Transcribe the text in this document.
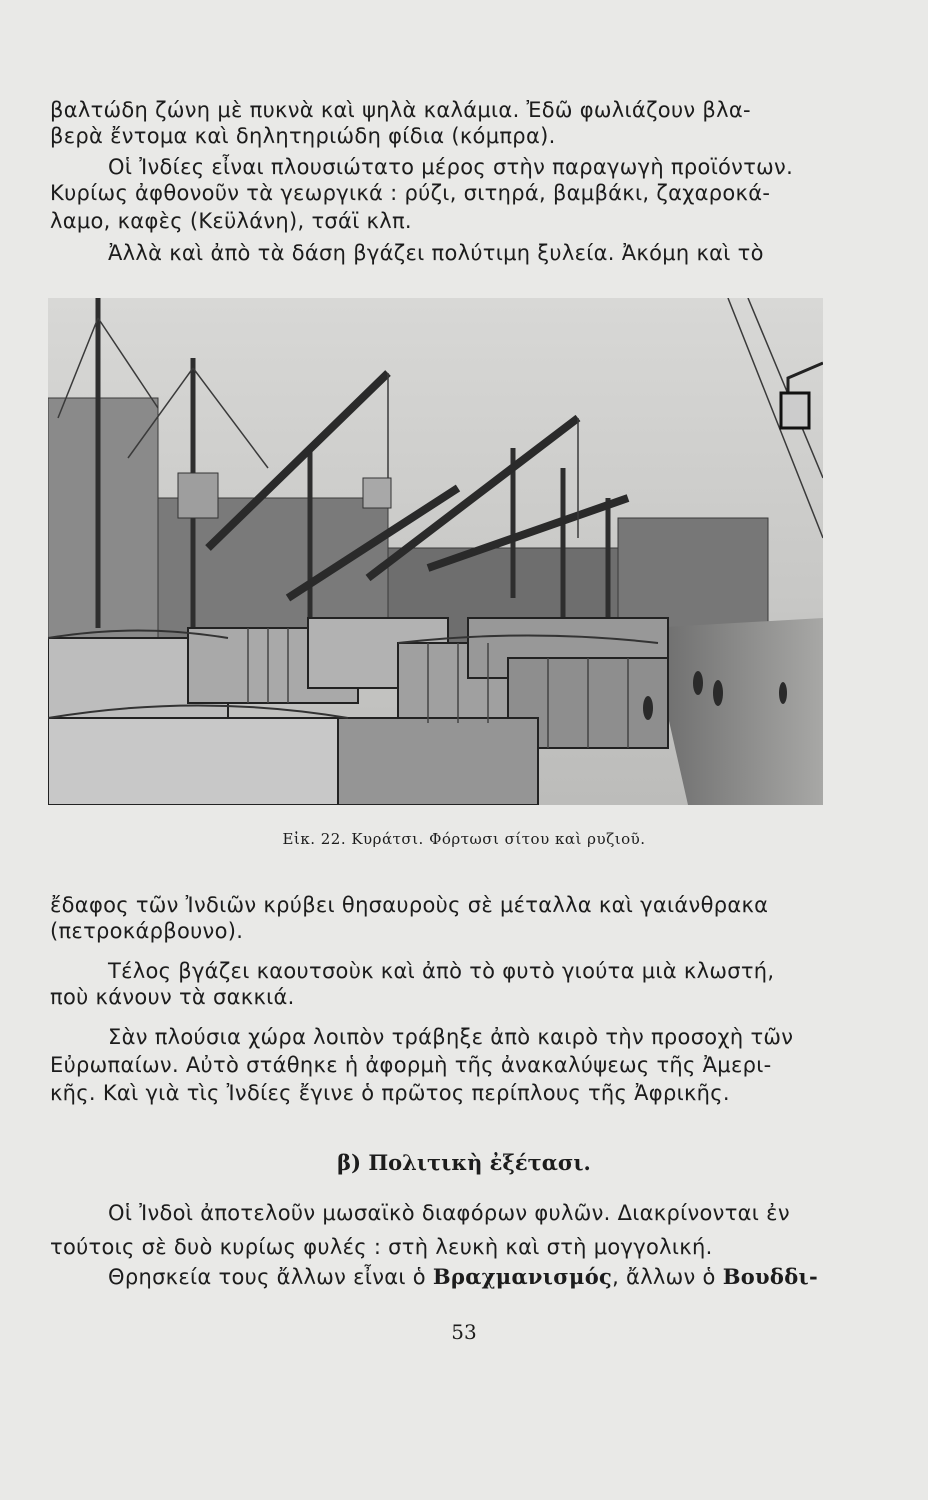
βαλτώδη ζώνη μὲ πυκνὰ καὶ ψηλὰ καλάμια. Ἐδῶ φωλιάζουν βλα-
βερὰ ἔντομα καὶ δηλητηριώδη φίδια (κόμπρα).
Οἱ Ἰνδίες εἶναι πλουσιώτατο μέρος στὴν παραγωγὴ προϊόντων.
Κυρίως ἀφθονοῦν τὰ γεωργικά : ρύζι, σιτηρά, βαμβάκι, ζαχαροκά-
λαμο, καφὲς (Κεϋλάνη), τσάϊ κλπ.
Ἀλλὰ καὶ ἀπὸ τὰ δάση βγάζει πολύτιμη ξυλεία. Ἀκόμη καὶ τὸ
Εἰκ. 22. Κυράτσι. Φόρτωσι σίτου καὶ ρυζιοῦ.
ἔδαφος τῶν Ἰνδιῶν κρύβει θησαυροὺς σὲ μέταλλα καὶ γαιάνθρακα
(πετροκάρβουνο).
Τέλος βγάζει καουτσοὺκ καὶ ἀπὸ τὸ φυτὸ γιούτα μιὰ κλωστή,
ποὺ κάνουν τὰ σακκιά.
Σὰν πλούσια χώρα λοιπὸν τράβηξε ἀπὸ καιρὸ τὴν προσοχὴ τῶν
Εὐρωπαίων. Αὐτὸ στάθηκε ἡ ἀφορμὴ τῆς ἀνακαλύψεως τῆς Ἀμερι-
κῆς. Καὶ γιὰ τὶς Ἰνδίες ἔγινε ὁ πρῶτος περίπλους τῆς Ἀφρικῆς.
β) Πολιτικὴ ἐξέτασι.
Οἱ Ἰνδοὶ ἀποτελοῦν μωσαϊκὸ διαφόρων φυλῶν. Διακρίνονται ἐν
τούτοις σὲ δυὸ κυρίως φυλές : στὴ λευκὴ καὶ στὴ μογγολική.
Θρησκεία τους ἄλλων εἶναι ὁ Βραχμανισμός, ἄλλων ὁ Βουδδι-
53
